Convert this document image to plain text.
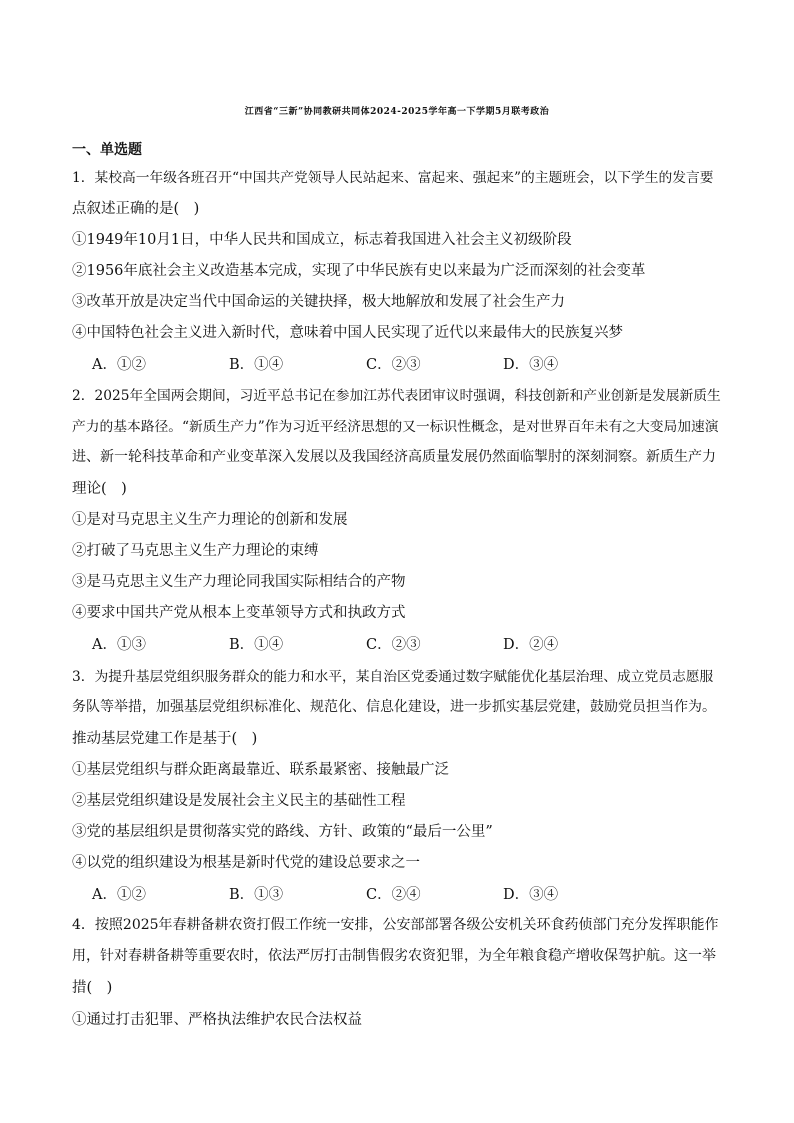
江西省“三新”协同教研共同体2024-2025学年高一下学期5月联考政治
一、单选题
1．某校高一年级各班召开“中国共产党领导人民站起来、富起来、强起来”的主题班会，以下学生的发言要
点叙述正确的是(　)
①1949年10月1日，中华人民共和国成立，标志着我国进入社会主义初级阶段
②1956年底社会主义改造基本完成，实现了中华民族有史以来最为广泛而深刻的社会变革
③改革开放是决定当代中国命运的关键抉择，极大地解放和发展了社会生产力
④中国特色社会主义进入新时代，意味着中国人民实现了近代以来最伟大的民族复兴梦
A．①②	B．①④	C．②③	D．③④
2．2025年全国两会期间，习近平总书记在参加江苏代表团审议时强调，科技创新和产业创新是发展新质生
产力的基本路径。“新质生产力”作为习近平经济思想的又一标识性概念，是对世界百年未有之大变局加速演
进、新一轮科技革命和产业变革深入发展以及我国经济高质量发展仍然面临掣肘的深刻洞察。新质生产力
理论(　)
①是对马克思主义生产力理论的创新和发展
②打破了马克思主义生产力理论的束缚
③是马克思主义生产力理论同我国实际相结合的产物
④要求中国共产党从根本上变革领导方式和执政方式
A．①③	B．①④	C．②③	D．②④
3．为提升基层党组织服务群众的能力和水平，某自治区党委通过数字赋能优化基层治理、成立党员志愿服
务队等举措，加强基层党组织标准化、规范化、信息化建设，进一步抓实基层党建，鼓励党员担当作为。
推动基层党建工作是基于(　)
①基层党组织与群众距离最靠近、联系最紧密、接触最广泛
②基层党组织建设是发展社会主义民主的基础性工程
③党的基层组织是贯彻落实党的路线、方针、政策的“最后一公里”
④以党的组织建设为根基是新时代党的建设总要求之一
A．①②	B．①③	C．②④	D．③④
4．按照2025年春耕备耕农资打假工作统一安排，公安部部署各级公安机关环食药侦部门充分发挥职能作
用，针对春耕备耕等重要农时，依法严厉打击制售假劣农资犯罪，为全年粮食稳产增收保驾护航。这一举
措(　)
①通过打击犯罪、严格执法维护农民合法权益
